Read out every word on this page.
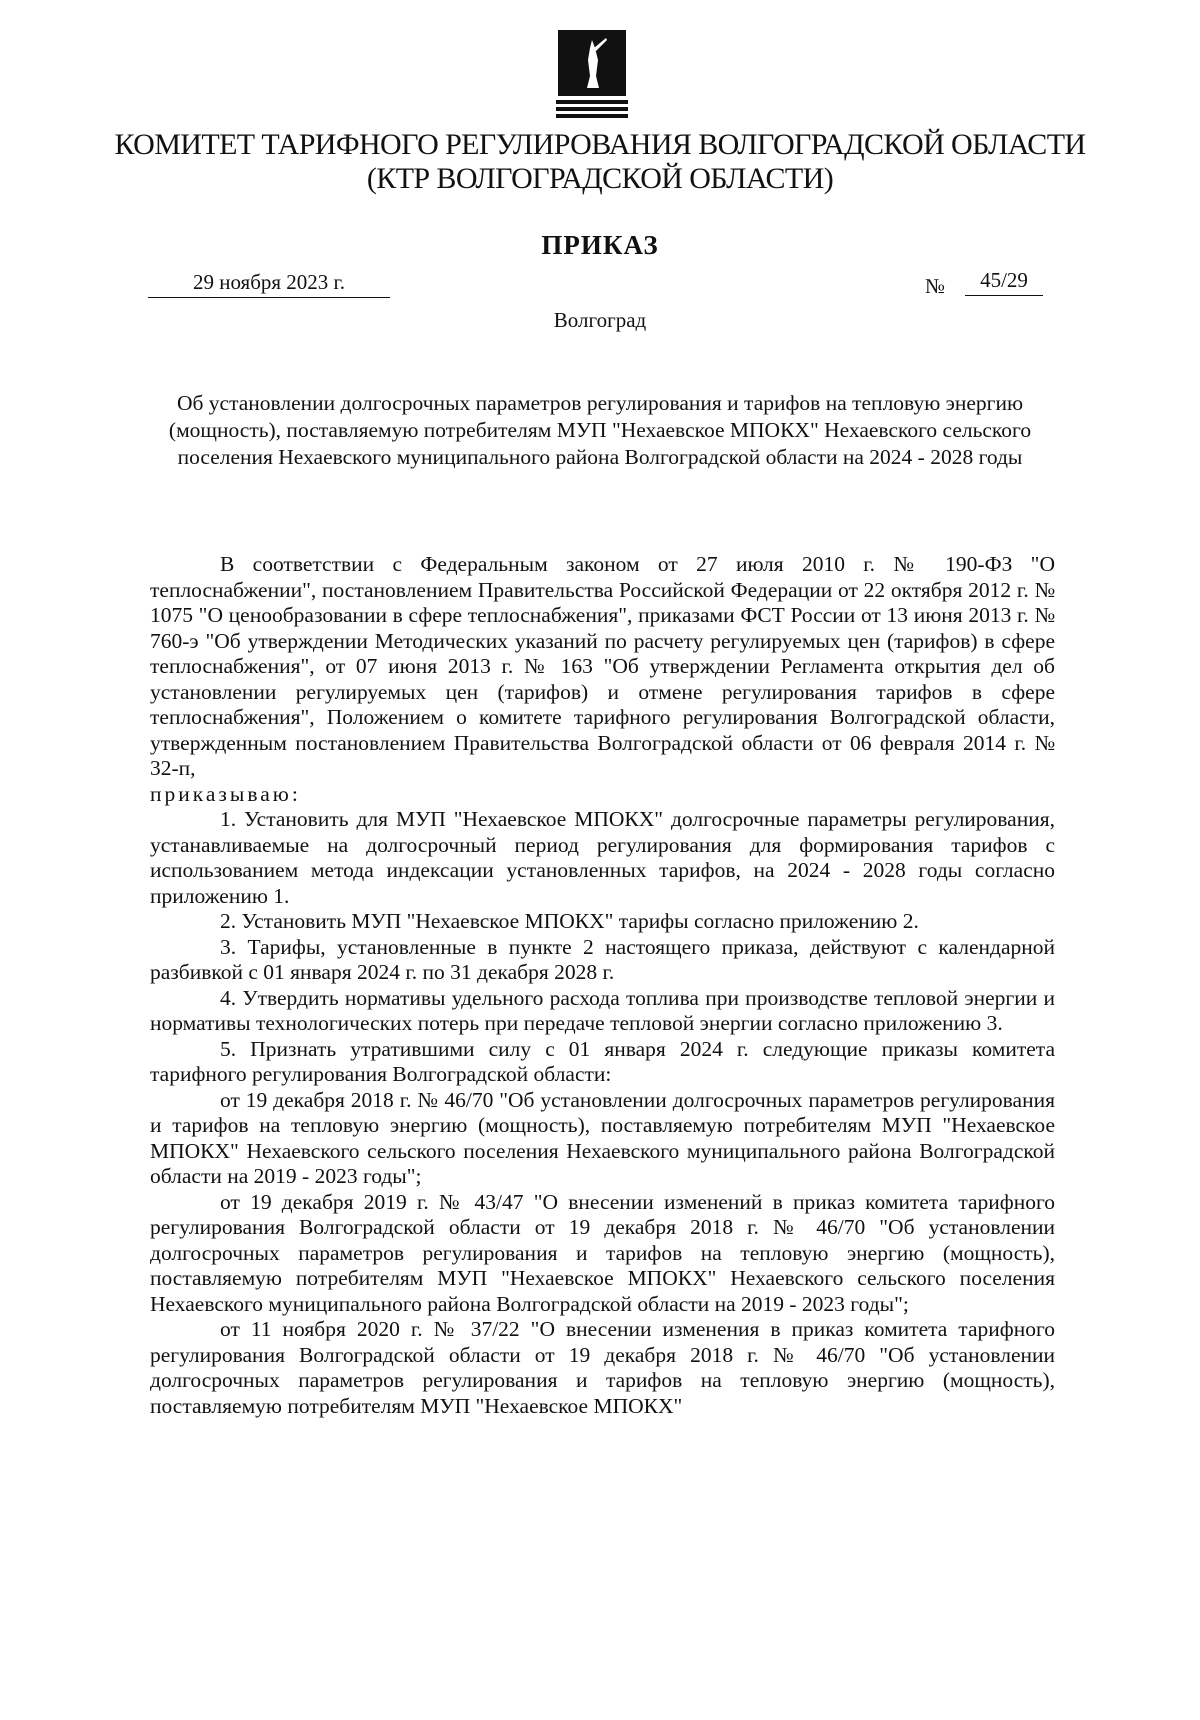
КОМИТЕТ ТАРИФНОГО РЕГУЛИРОВАНИЯ ВОЛГОГРАДСКОЙ ОБЛАСТИ
(КТР ВОЛГОГРАДСКОЙ ОБЛАСТИ)
ПРИКАЗ
29 ноября 2023 г.	№	45/29
Волгоград
Об установлении долгосрочных параметров регулирования и тарифов на тепловую энергию (мощность), поставляемую потребителям МУП "Нехаевское МПОКХ" Нехаевского сельского поселения Нехаевского муниципального района Волгоградской области на 2024 - 2028 годы

В соответствии с Федеральным законом от 27 июля 2010 г. № 190-ФЗ "О теплоснабжении", постановлением Правительства Российской Федерации от 22 октября 2012 г. № 1075 "О ценообразовании в сфере теплоснабжения", приказами ФСТ России от 13 июня 2013 г. № 760-э "Об утверждении Методических указаний по расчету регулируемых цен (тарифов) в сфере теплоснабжения", от 07 июня 2013 г. № 163 "Об утверждении Регламента открытия дел об установлении регулируемых цен (тарифов) и отмене регулирования тарифов в сфере теплоснабжения", Положением о комитете тарифного регулирования Волгоградской области, утвержденным постановлением Правительства Волгоградской области от 06 февраля 2014 г. № 32-п,

приказываю:

1. Установить для МУП "Нехаевское МПОКХ" долгосрочные параметры регулирования, устанавливаемые на долгосрочный период регулирования для формирования тарифов с использованием метода индексации установленных тарифов, на 2024 - 2028 годы согласно приложению 1.

2. Установить МУП "Нехаевское МПОКХ" тарифы согласно приложению 2.

3. Тарифы, установленные в пункте 2 настоящего приказа, действуют с календарной разбивкой с 01 января 2024 г. по 31 декабря 2028 г.

4. Утвердить нормативы удельного расхода топлива при производстве тепловой энергии и нормативы технологических потерь при передаче тепловой энергии согласно приложению 3.

5. Признать утратившими силу с 01 января 2024 г. следующие приказы комитета тарифного регулирования Волгоградской области:

от 19 декабря 2018 г. № 46/70 "Об установлении долгосрочных параметров регулирования и тарифов на тепловую энергию (мощность), поставляемую потребителям МУП "Нехаевское МПОКХ" Нехаевского сельского поселения Нехаевского муниципального района Волгоградской области на 2019 - 2023 годы";

от 19 декабря 2019 г. № 43/47 "О внесении изменений в приказ комитета тарифного регулирования Волгоградской области от 19 декабря 2018 г. № 46/70 "Об установлении долгосрочных параметров регулирования и тарифов на тепловую энергию (мощность), поставляемую потребителям МУП "Нехаевское МПОКХ" Нехаевского сельского поселения Нехаевского муниципального района Волгоградской области на 2019 - 2023 годы";

от 11 ноября 2020 г. № 37/22 "О внесении изменения в приказ комитета тарифного регулирования Волгоградской области от 19 декабря 2018 г. № 46/70 "Об установлении долгосрочных параметров регулирования и тарифов на тепловую энергию (мощность), поставляемую потребителям МУП "Нехаевское МПОКХ"
